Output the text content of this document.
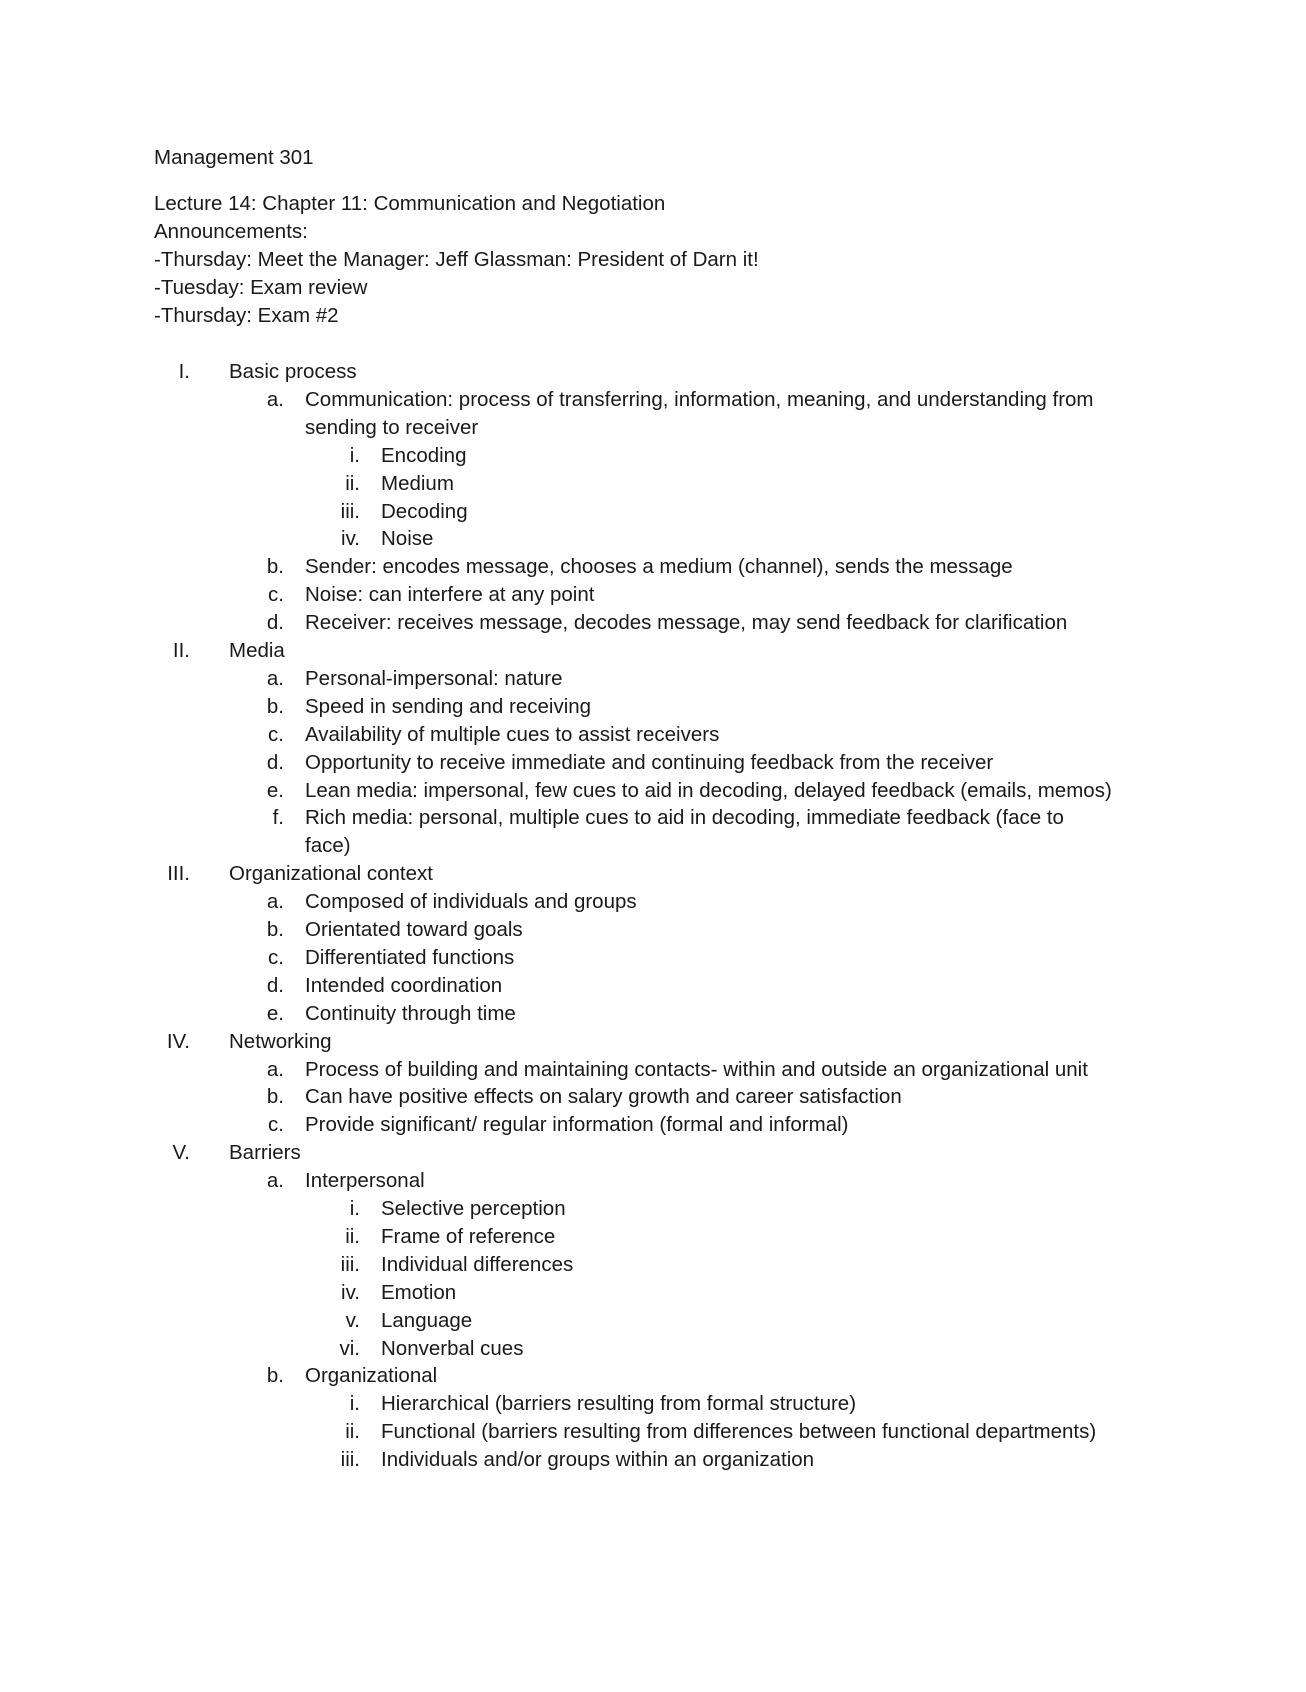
Management 301
Lecture 14: Chapter 11: Communication and Negotiation
Announcements:
-Thursday: Meet the Manager: Jeff Glassman: President of Darn it!
-Tuesday: Exam review
-Thursday: Exam #2
I. Basic process
a. Communication: process of transferring, information, meaning, and understanding from
sending to receiver
i. Encoding
ii. Medium
iii. Decoding
iv. Noise
b. Sender: encodes message, chooses a medium (channel), sends the message
c. Noise: can interfere at any point
d. Receiver: receives message, decodes message, may send feedback for clarification
II. Media
a. Personal-impersonal: nature
b. Speed in sending and receiving
c. Availability of multiple cues to assist receivers
d. Opportunity to receive immediate and continuing feedback from the receiver
e. Lean media: impersonal, few cues to aid in decoding, delayed feedback (emails, memos)
f. Rich media: personal, multiple cues to aid in decoding, immediate feedback (face to
face)
III. Organizational context
a. Composed of individuals and groups
b. Orientated toward goals
c. Differentiated functions
d. Intended coordination
e. Continuity through time
IV. Networking
a. Process of building and maintaining contacts- within and outside an organizational unit
b. Can have positive effects on salary growth and career satisfaction
c. Provide significant/ regular information (formal and informal)
V. Barriers
a. Interpersonal
i. Selective perception
ii. Frame of reference
iii. Individual differences
iv. Emotion
v. Language
vi. Nonverbal cues
b. Organizational
i. Hierarchical (barriers resulting from formal structure)
ii. Functional (barriers resulting from differences between functional departments)
iii. Individuals and/or groups within an organization
